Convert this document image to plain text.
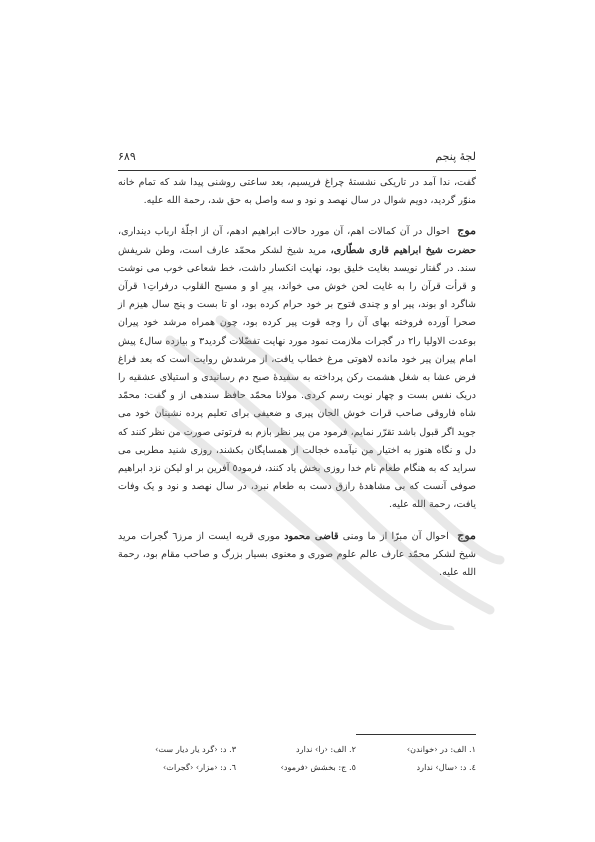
لجهٔ پنجم
۶۸۹

گفت، ندا آمد در تاریکی نشستهٔ چراغ فریسیم، بعد ساعتی روشنی پیدا شد که تمام خانه منوّر گردید، دویم شوال در سال نهصد و نود و سه واصل به حق شد، رحمة الله علیه.

موج  احوال در آن کمالات اهم، آن مورد حالات ابراهیم ادهم، آن از اجلّهٔ ارباب دینداری، حضرت شیخ ابراهیم قاری شطّاری، مرید شیخ لشکر محمّد عارف است، وطن شریفش سند. در گفتار نویسد بغایت خلیق بود، نهایت انکسار داشت، خط شعاعی خوب می نوشت و قرأت قرآن را به غایت لحن خوش می خواند، پیرِ او و مسیح القلوب درفراتِ١ قرآن شاگرد او بوند، پیر او و چندی فتوح بر خود حرام کرده بود، او تا بست و پنج سال هیزم از صحرا آورده فروخته بهای آن را وجه قوت پیر کرده بود، چون همراه مرشد خود پیران بوعدت الاولیا را٢ در گجرات ملازمت نمود مورد نهایت تفضّلات گردید٣ و بیازده سال٤ پیش امام پیران پیر خود مانده لاهوتی مرغ خطاب یافت، از مرشدش روایت است که بعد فراغ فرض عشا به شغل هشمت رکن پرداخته به سفیدهٔ صبح دم رسانیدی و استیلای عشقیه را دریک نفس بست و چهار نوبت رسم کردی. مولانا محمّد حافظ سندهی از و گفت: محمّد شاه فاروقی صاحب قرات خوش الحان پیری و ضعیفی برای تعلیم پرده نشینان خود می جوید اگر قبول باشد تقرّر نمایم، فرمود من پیر نظر بازم به فرتوتی صورت من نظر کنند که دل و نگاه هنوز به اختیار من نیآمده خجالت از همسایگان بکشند، روزی شنید مطربی می سراید که به هنگام طعام نام خدا روزی بخش یاد کنند، فرمود٥ آفرین بر او لیکن نزد ابراهیم صوفی آنست که بی مشاهدهٔ رازق دست به طعام نبرد، در سال نهصد و نود و یک وفات یافت، رحمة الله علیه.

موج  احوال آن مبرّا از ما ومنی قاضی محمود موری قریه ایست از مرز٦ گجرات مرید شیخ لشکر محمّد عارف عالم علوم صوری و معنوی بسیار بزرگ و صاحب مقام بود، رحمة الله علیه.

١. الف: در ‹خواندن›
٢. الف: ‹را› ندارد
٣. د: ‹گرد یار دیار ست›
٤. د: ‹سال› ندارد
٥. ج: بخشش ‹فرمود›
٦. د: ‹مزار› ‹گجرات›
